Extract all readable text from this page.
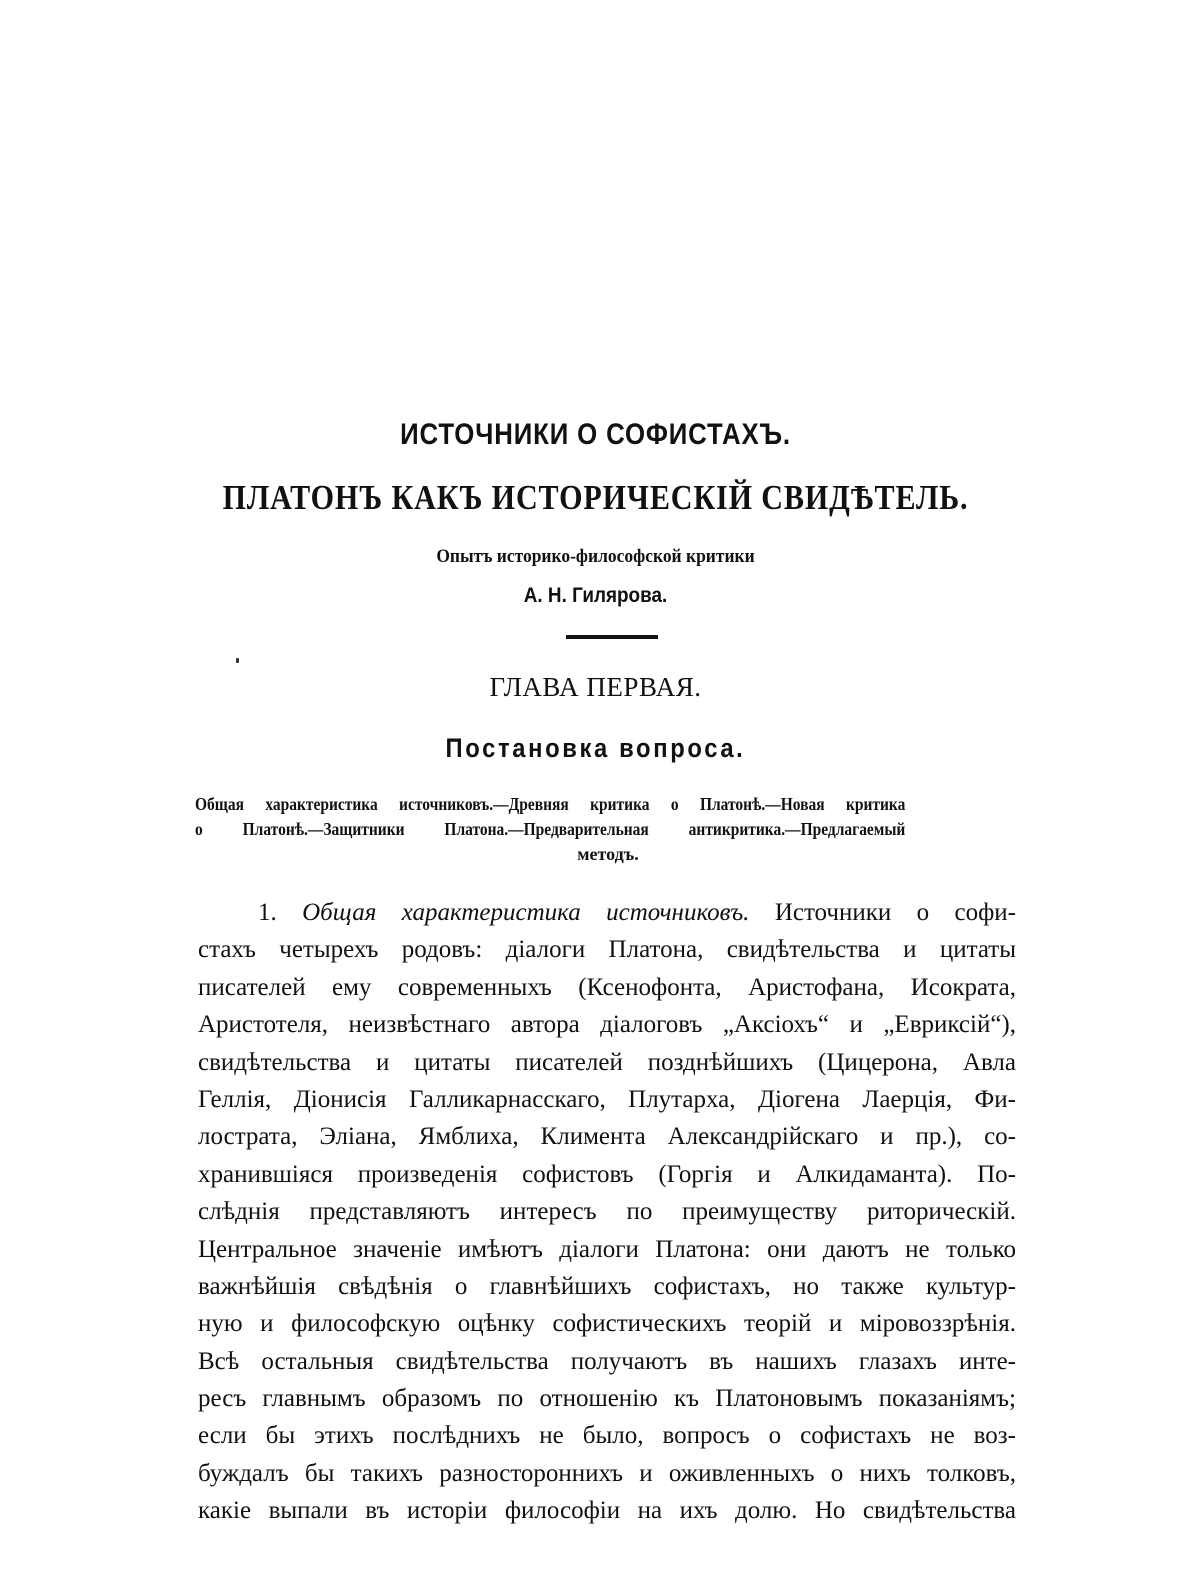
ИСТОЧНИКИ О СОФИСТАХЪ.
ПЛАТОНЪ КАКЪ ИСТОРИЧЕСКІЙ СВИДѢТЕЛЬ.
Опытъ историко-философской критики
А. Н. Гилярова.
ГЛАВА ПЕРВАЯ.
Постановка вопроса.
Общая характеристика источниковъ.—Древняя критика о Платонѣ.—Новая критика
о Платонѣ.—Защитники Платона.—Предварительная антикритика.—Предлагаемый
методъ.
1. Общая характеристика источниковъ. Источники о софи-
стахъ четырехъ родовъ: діалоги Платона, свидѣтельства и цитаты
писателей ему современныхъ (Ксенофонта, Аристофана, Исократа,
Аристотеля, неизвѣстнаго автора діалоговъ „Аксіохъ“ и „Евриксій“),
свидѣтельства и цитаты писателей позднѣйшихъ (Цицерона, Авла
Геллія, Діонисія Галликарнасскаго, Плутарха, Діогена Лаерція, Фи-
лострата, Эліана, Ямблиха, Климента Александрійскаго и пр.), со-
хранившіяся произведенія софистовъ (Горгія и Алкидаманта). По-
слѣднія представляютъ интересъ по преимуществу риторическій.
Центральное значеніе имѣютъ діалоги Платона: они даютъ не только
важнѣйшія свѣдѣнія о главнѣйшихъ софистахъ, но также культур-
ную и философскую оцѣнку софистическихъ теорій и міровоззрѣнія.
Всѣ остальныя свидѣтельства получаютъ въ нашихъ глазахъ инте-
ресъ главнымъ образомъ по отношенію къ Платоновымъ показаніямъ;
если бы этихъ послѣднихъ не было, вопросъ о софистахъ не воз-
буждалъ бы такихъ разностороннихъ и оживленныхъ о нихъ толковъ,
какіе выпали въ исторіи философіи на ихъ долю. Но свидѣтельства
